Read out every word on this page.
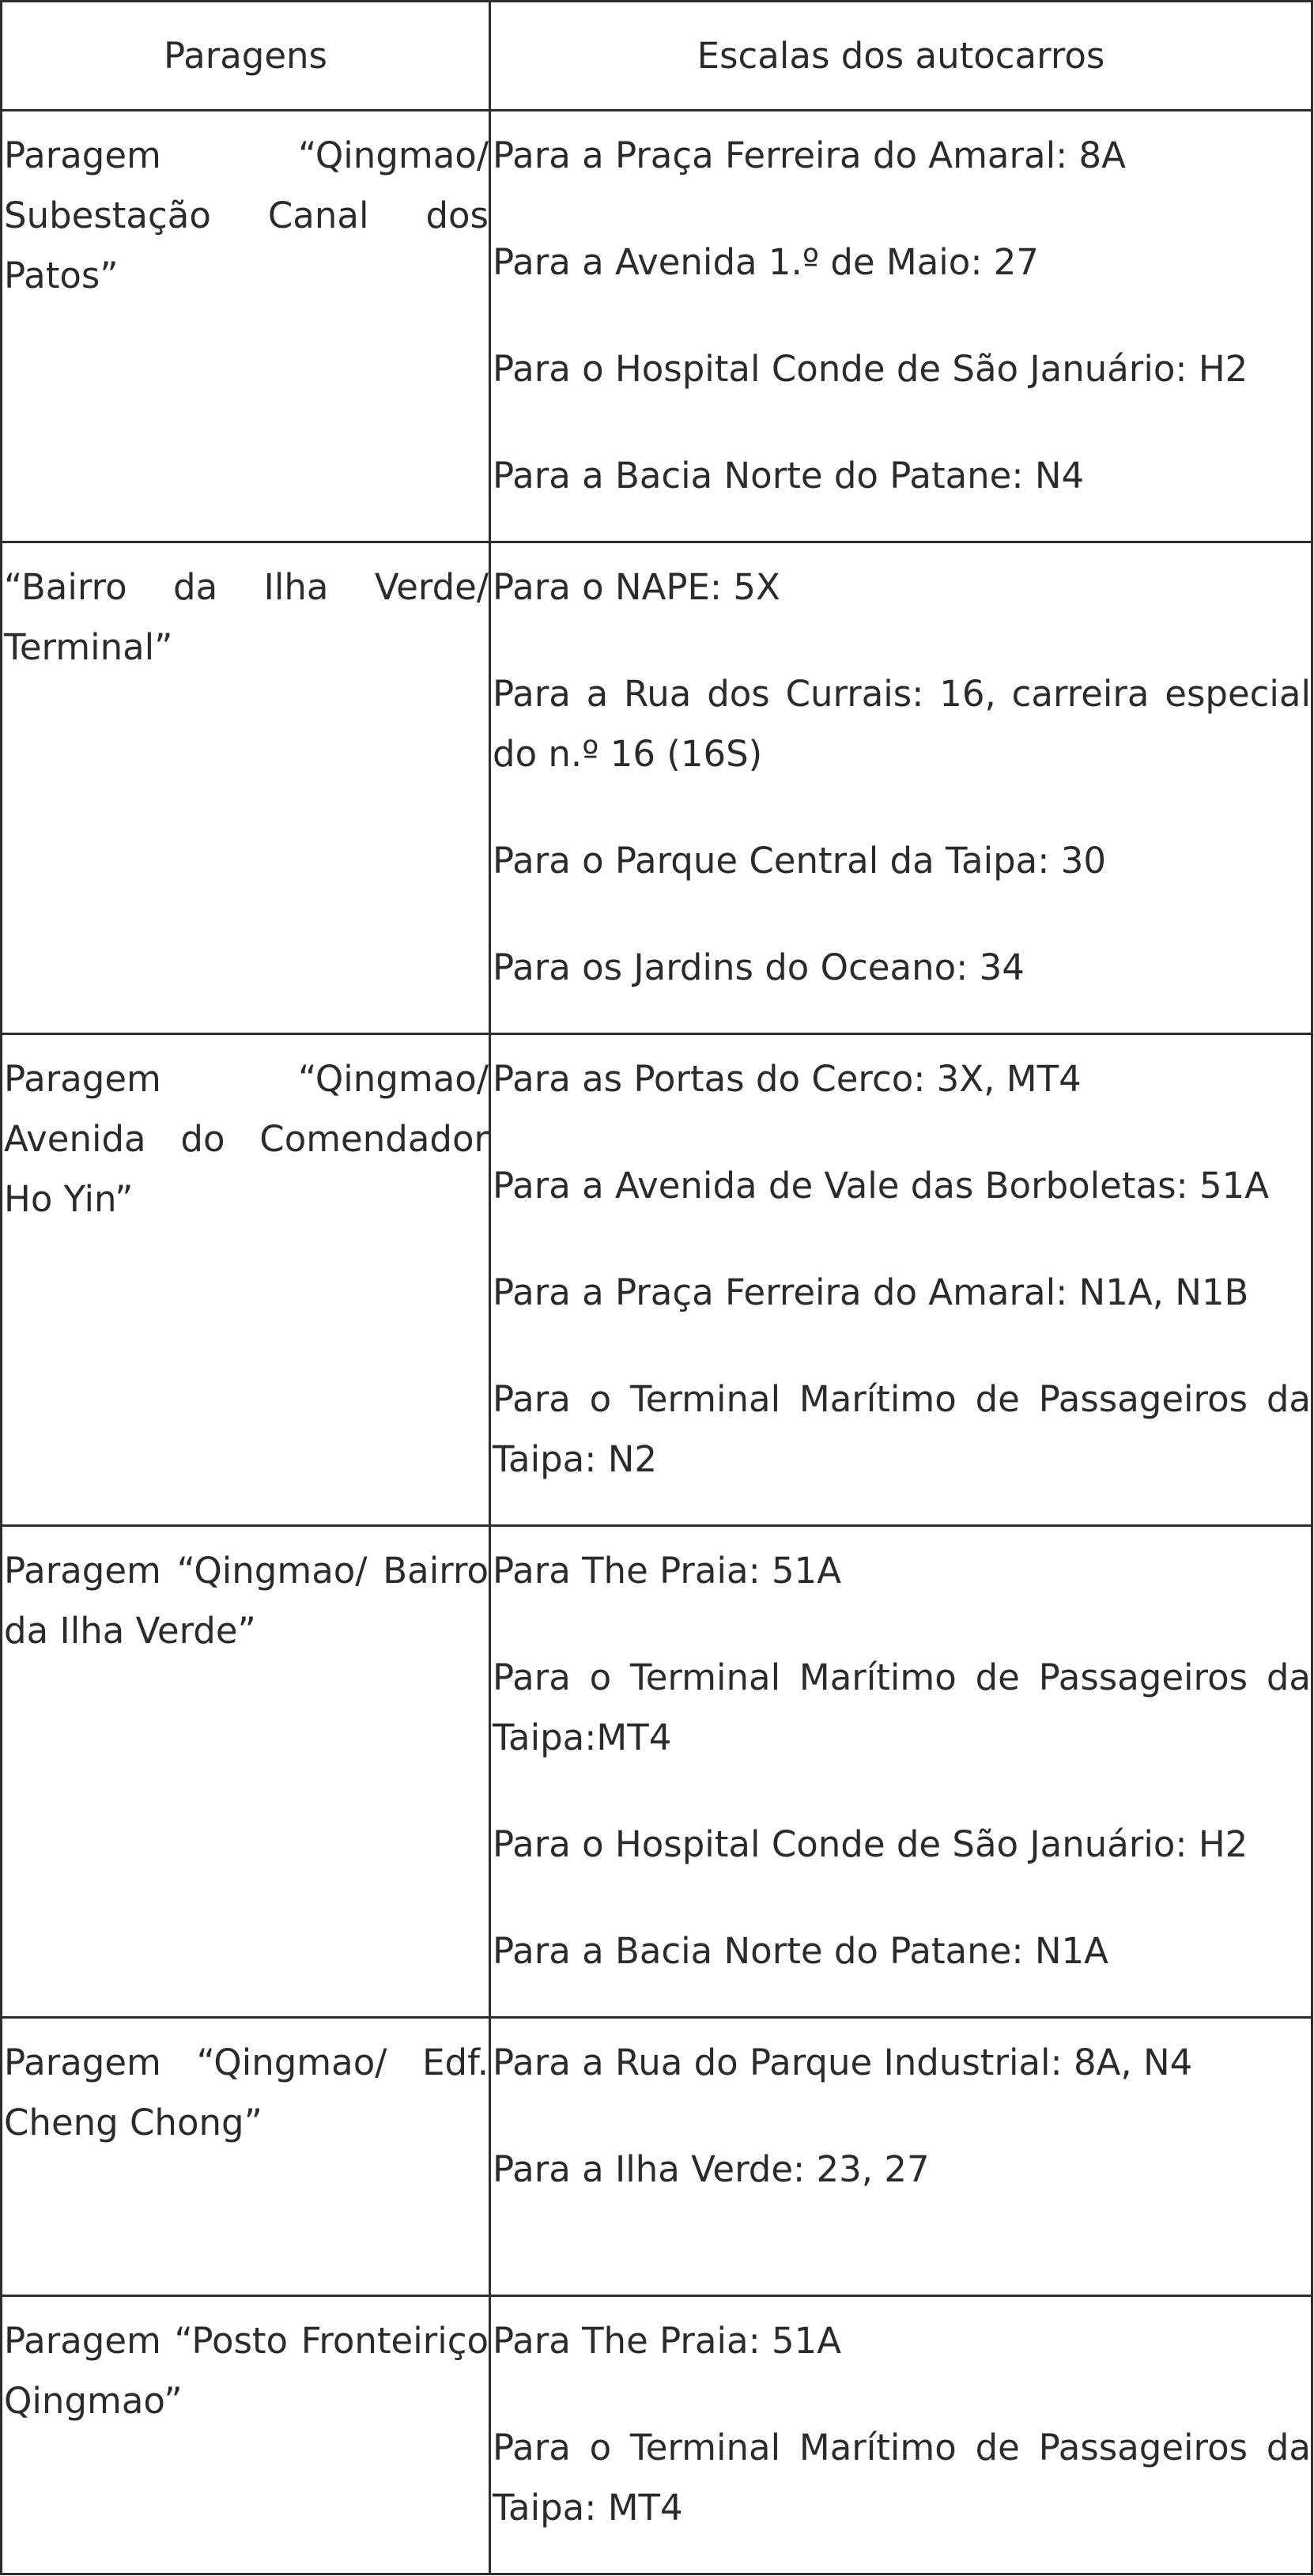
Paragens	Escalas dos autocarros
Paragem “Qingmao/ Subestação Canal dos Patos”	Para a Praça Ferreira do Amaral: 8A
Para a Avenida 1.º de Maio: 27
Para o Hospital Conde de São Januário: H2
Para a Bacia Norte do Patane: N4

“Bairro da Ilha Verde/ Terminal”	Para o NAPE: 5X
Para a Rua dos Currais: 16, carreira especial do n.º 16 (16S)
Para o Parque Central da Taipa: 30
Para os Jardins do Oceano: 34

Paragem “Qingmao/ Avenida do Comendador Ho Yin”	Para as Portas do Cerco: 3X, MT4
Para a Avenida de Vale das Borboletas: 51A
Para a Praça Ferreira do Amaral: N1A, N1B
Para o Terminal Marítimo de Passageiros da Taipa: N2

Paragem “Qingmao/ Bairro da Ilha Verde”	Para The Praia: 51A
Para o Terminal Marítimo de Passageiros da Taipa:MT4
Para o Hospital Conde de São Januário: H2
Para a Bacia Norte do Patane: N1A

Paragem “Qingmao/ Edf. Cheng Chong”	Para a Rua do Parque Industrial: 8A, N4
Para a Ilha Verde: 23, 27

Paragem “Posto Fronteiriço Qingmao”	Para The Praia: 51A
Para o Terminal Marítimo de Passageiros da Taipa: MT4
